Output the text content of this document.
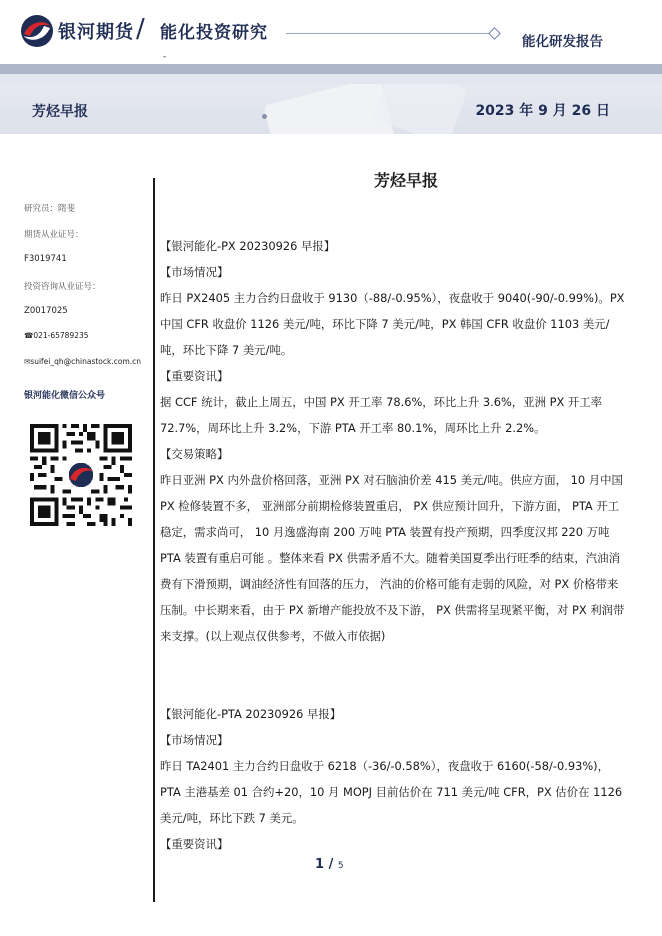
银河期货 / 能化投资研究	能化研发报告
-
芳烃早报	2023 年 9 月 26 日
研究员：隋斐
期货从业证号：
F3019741
投资咨询从业证号：
Z0017025
☎021-65789235
✉suifei_qh@chinastock.com.cn
银河能化微信公众号
芳烃早报

【银河能化-PX 20230926 早报】

【市场情况】

昨日 PX2405 主力合约日盘收于 9130（-88/-0.95%），夜盘收于 9040(-90/-0.99%)。PX 中国 CFR 收盘价 1126 美元/吨，环比下降 7 美元/吨，PX 韩国 CFR 收盘价 1103 美元/吨，环比下降 7 美元/吨。

【重要资讯】

据 CCF 统计，截止上周五，中国 PX 开工率 78.6%，环比上升 3.6%，亚洲 PX 开工率 72.7%，周环比上升 3.2%，下游 PTA 开工率 80.1%，周环比上升 2.2%。

【交易策略】

昨日亚洲 PX 内外盘价格回落，亚洲 PX 对石脑油价差 415 美元/吨。供应方面， 10 月中国 PX 检修装置不多， 亚洲部分前期检修装置重启， PX 供应预计回升，下游方面， PTA 开工稳定，需求尚可， 10 月逸盛海南 200 万吨 PTA 装置有投产预期，四季度汉邦 220 万吨 PTA 装置有重启可能 。整体来看 PX 供需矛盾不大。随着美国夏季出行旺季的结束，汽油消费有下滑预期，调油经济性有回落的压力， 汽油的价格可能有走弱的风险，对 PX 价格带来压制。中长期来看，由于 PX 新增产能投放不及下游， PX 供需将呈现紧平衡，对 PX 利润带来支撑。(以上观点仅供参考，不做入市依据)

【银河能化-PTA 20230926 早报】

【市场情况】

昨日 TA2401 主力合约日盘收于 6218（-36/-0.58%），夜盘收于 6160(-58/-0.93%)，PTA 主港基差 01 合约+20，10 月 MOPJ 目前估价在 711 美元/吨 CFR，PX 估价在 1126 美元/吨，环比下跌 7 美元。

【重要资讯】

1 / 5
